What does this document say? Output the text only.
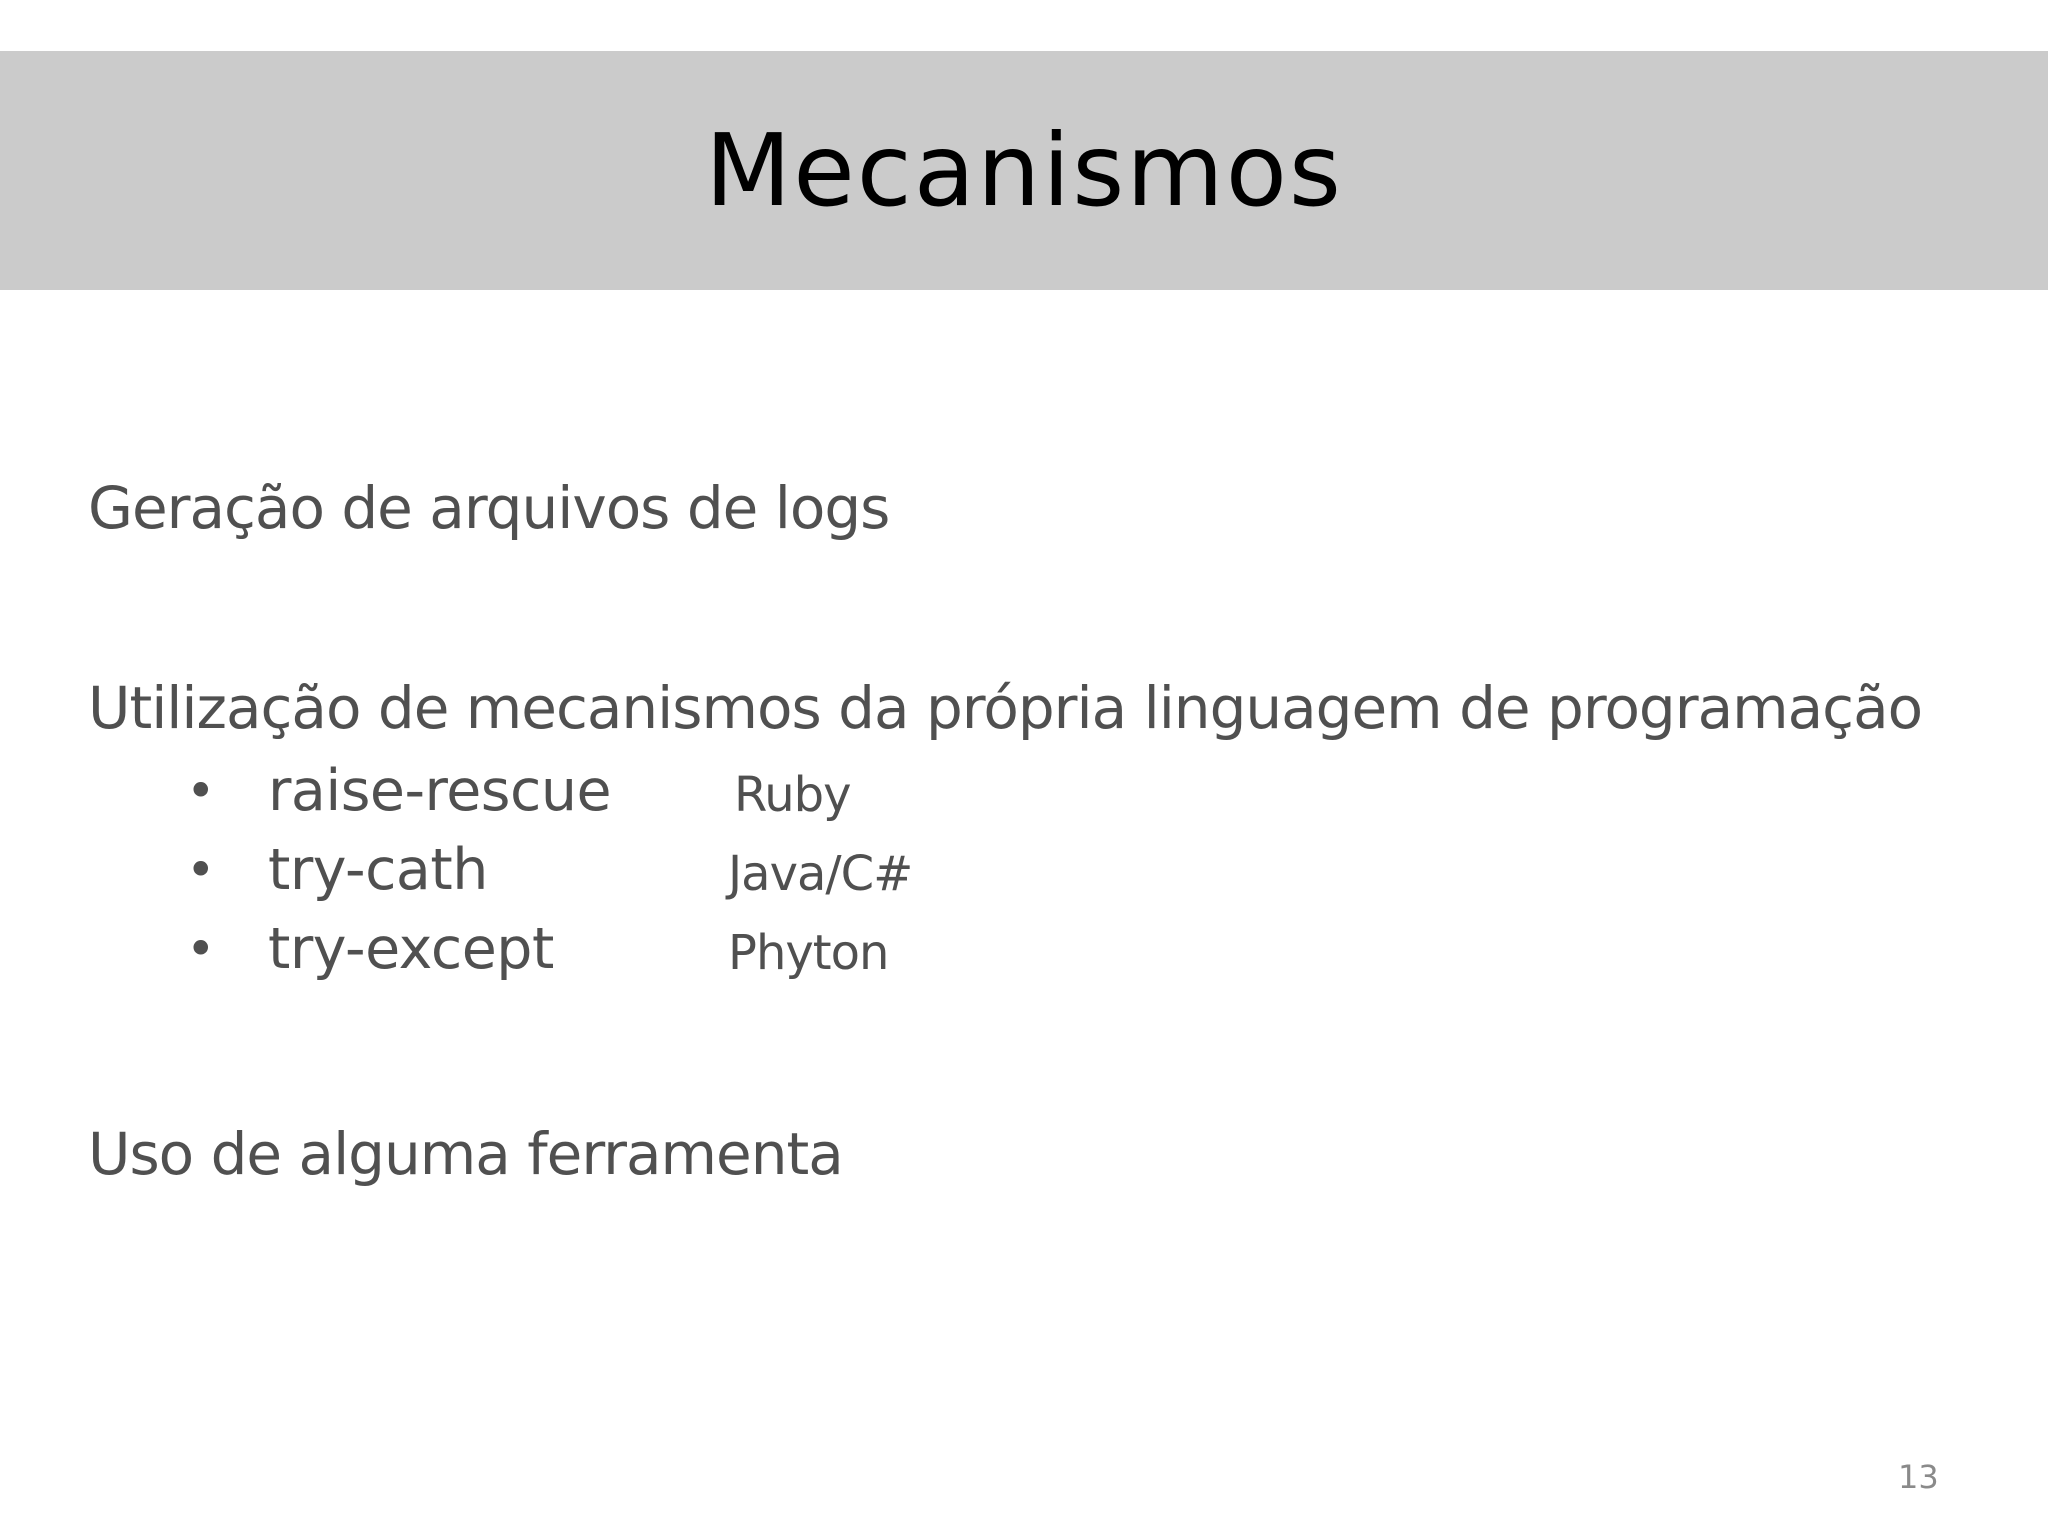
Mecanismos
Geração de arquivos de logs
Utilização de mecanismos da própria linguagem de programação
• raise-rescue	Ruby
• try-cath	Java/C#
• try-except	Phyton
Uso de alguma ferramenta
13
